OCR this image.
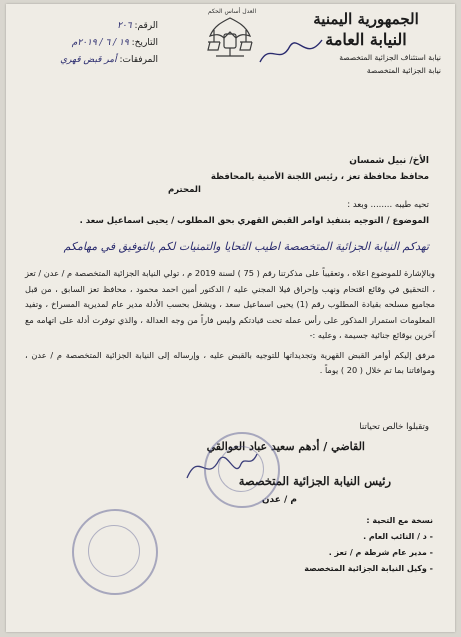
الجمهورية اليمنية
النيابة العامة
نيابة استئناف الجزائية المتخصصة
نيابة الجزائية المتخصصة
العدل أساس الحكم
الرقم: ٢٠٦
التاريخ: ١٩ / ٦ / ٢٠١٩م
المرفقات: أمر قبض قهري
الأخ/ نبيل شمسان
محافظ محافظة تعز ، رئيس اللجنة الأمنية بالمحافظة
المحترم
تحيه طيبه ........ وبعد :
الموضوع / التوجيه بتنفيذ اوامر القبض القهري بحق المطلوب / يحيى اسماعيل سعد .
تهدكم النيابة الجزائية المتخصصة اطيب التحايا والتمنيات لكم بالتوفيق في مهامكم

وبالإشارة للموضوع اعلاه ، وتعقيباً على مذكرتنا رقم ( 75 ) لسنة 2019 م ، تولي النيابة الجزائية المتخصصة م / عدن / تعز ، التحقيق في وقائع اقتحام ونهب وإحراق فيلا المجني عليه / الدكتور أمين احمد محمود ، محافظ تعز السابق ، من قبل مجاميع مسلحه بقيادة المطلوب رقم (1) يحيى اسماعيل سعد ، ويشغل بحسب الأدلة مدير عام لمديرية المسراخ ، وتفيد المعلومات استمرار المذكور على رأس عمله تحت قيادتكم وليس فاراً من وجه العدالة ، والذي توفرت أدلة على اتهامه مع آخرين بوقائع جنائية جسيمة ، وعليه :-

مرفق إليكم أوامر القبض القهرية وتجديداتها للتوجيه بالقبض عليه ، وإرساله إلى النيابة الجزائية المتخصصة م / عدن ، وموافاتنا بما تم خلال ( 20 ) يوماً .

وتقبلوا خالص تحياتنا
القاضي / أدهم سعيد عباد العوالقي
رئيس النيابة الجزائية المتخصصة
م / عدن
نسخة مع التحية :
- د / النائب العام .
- مدير عام شرطة م / تعز .
- وكيل النيابة الجزائية المتخصصة
